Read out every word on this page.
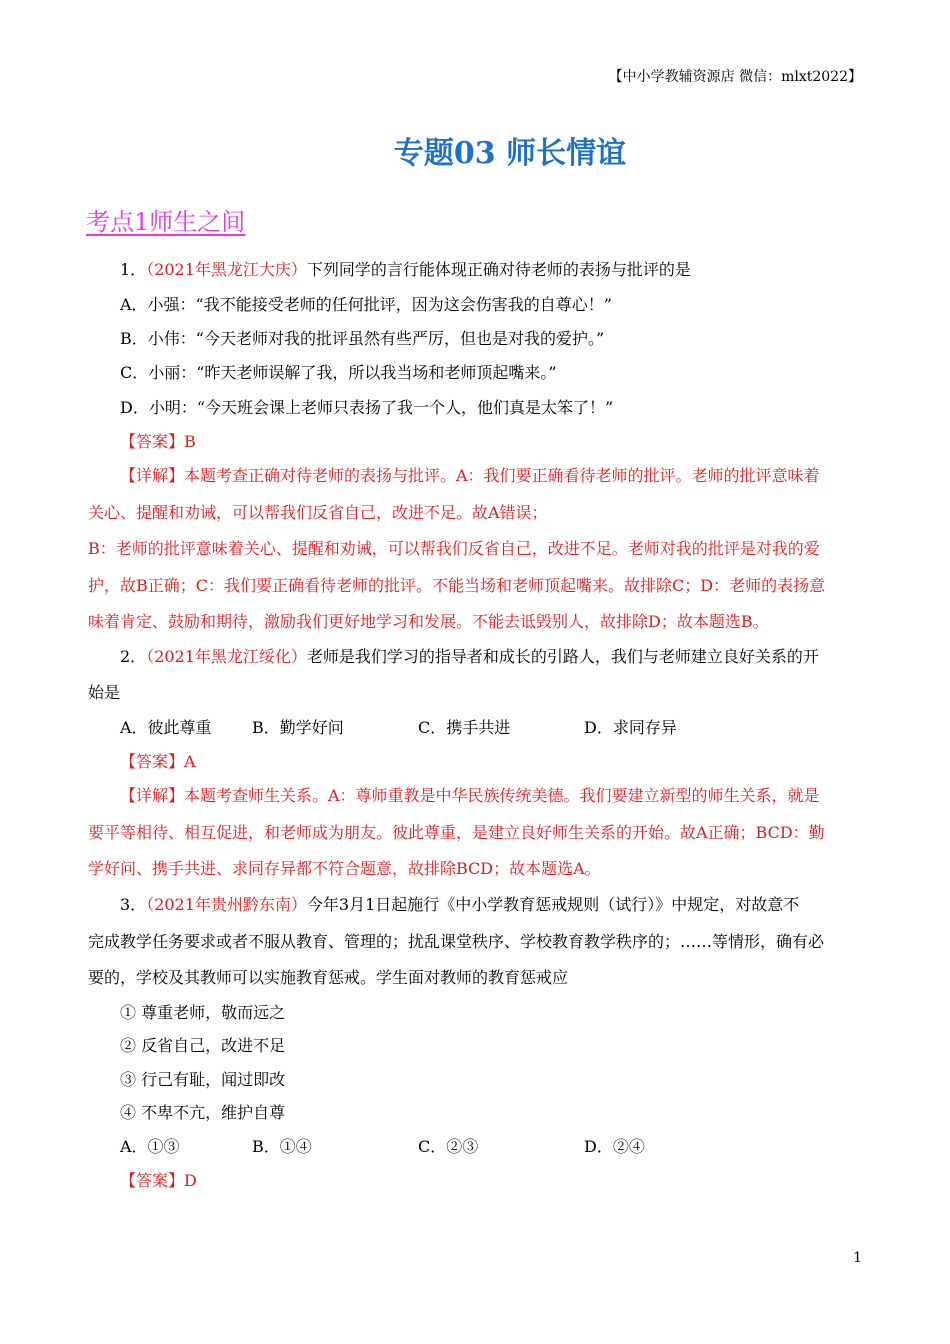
【中小学教辅资源店 微信：mlxt2022】
专题03 师长情谊
考点1师生之间
1．（2021年黑龙江大庆）下列同学的言行能体现正确对待老师的表扬与批评的是
A．小强：“我不能接受老师的任何批评，因为这会伤害我的自尊心！”
B．小伟：“今天老师对我的批评虽然有些严厉，但也是对我的爱护。”
C．小丽：“昨天老师误解了我，所以我当场和老师顶起嘴来。”
D．小明：“今天班会课上老师只表扬了我一个人，他们真是太笨了！”
【答案】B
【详解】本题考查正确对待老师的表扬与批评。A：我们要正确看待老师的批评。老师的批评意味着
关心、提醒和劝诫，可以帮我们反省自己，改进不足。故A错误；
B：老师的批评意味着关心、提醒和劝诫，可以帮我们反省自己，改进不足。老师对我的批评是对我的爱
护，故B正确；C：我们要正确看待老师的批评。不能当场和老师顶起嘴来。故排除C；D：老师的表扬意
味着肯定、鼓励和期待，激励我们更好地学习和发展。不能去诋毁别人，故排除D；故本题选B。
2．（2021年黑龙江绥化）老师是我们学习的指导者和成长的引路人，我们与老师建立良好关系的开
始是
A．彼此尊重	B．勤学好问	C．携手共进	D．求同存异
【答案】A
【详解】本题考查师生关系。A：尊师重教是中华民族传统美德。我们要建立新型的师生关系，就是
要平等相待、相互促进，和老师成为朋友。彼此尊重，是建立良好师生关系的开始。故A正确；BCD：勤
学好问、携手共进、求同存异都不符合题意，故排除BCD；故本题选A。
3．（2021年贵州黔东南）今年3月1日起施行《中小学教育惩戒规则（试行）》中规定，对故意不
完成教学任务要求或者不服从教育、管理的；扰乱课堂秩序、学校教育教学秩序的；……等情形，确有必
要的，学校及其教师可以实施教育惩戒。学生面对教师的教育惩戒应
① 尊重老师，敬而远之
② 反省自己，改进不足
③ 行己有耻，闻过即改
④ 不卑不亢，维护自尊
A．①③	B．①④	C．②③	D．②④
【答案】D
1
